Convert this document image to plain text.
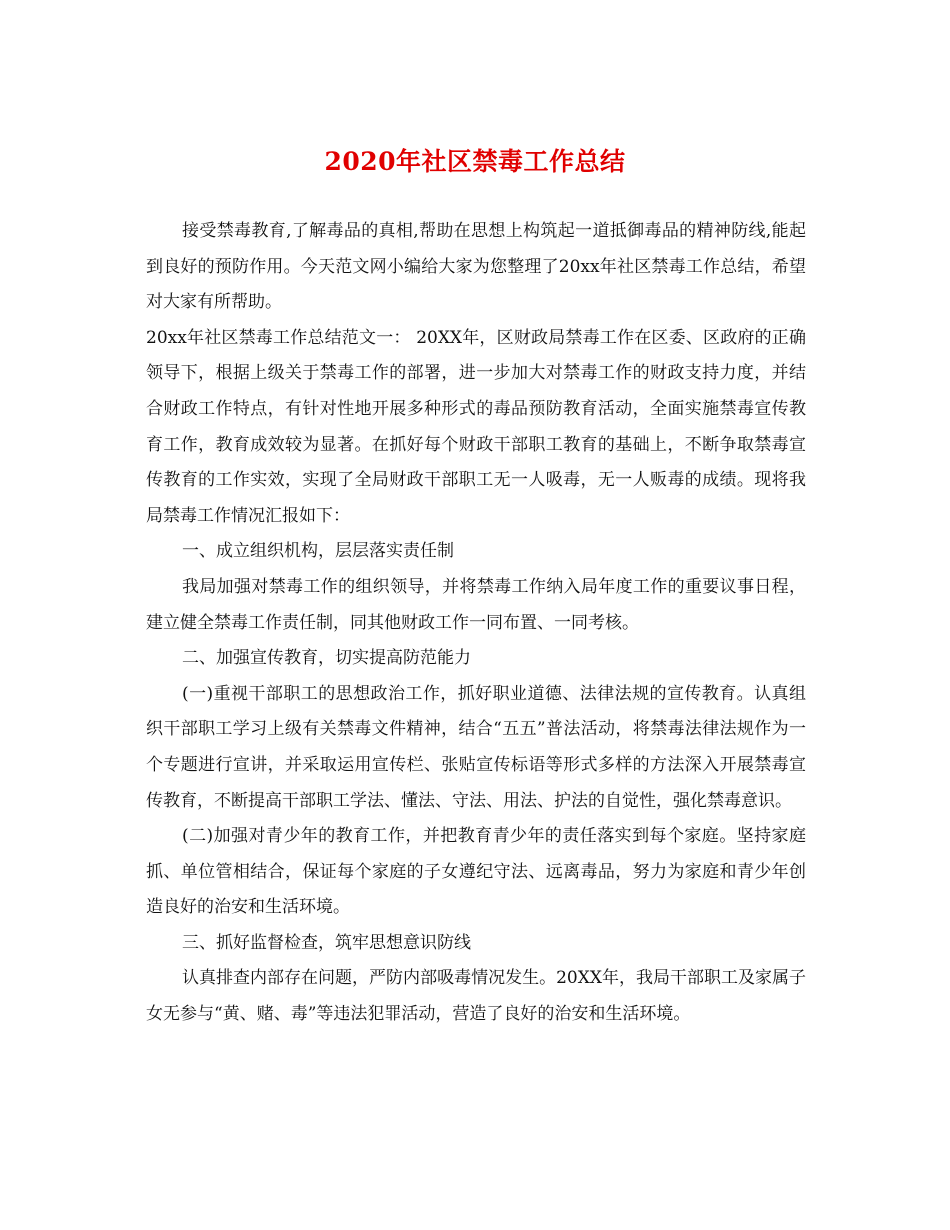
2020年社区禁毒工作总结

接受禁毒教育,了解毒品的真相,帮助在思想上构筑起一道抵御毒品的精神防线,能起到良好的预防作用。今天范文网小编给大家为您整理了20xx年社区禁毒工作总结，希望对大家有所帮助。

20xx年社区禁毒工作总结范文一： 20XX年，区财政局禁毒工作在区委、区政府的正确领导下，根据上级关于禁毒工作的部署，进一步加大对禁毒工作的财政支持力度，并结合财政工作特点，有针对性地开展多种形式的毒品预防教育活动，全面实施禁毒宣传教育工作，教育成效较为显著。在抓好每个财政干部职工教育的基础上，不断争取禁毒宣传教育的工作实效，实现了全局财政干部职工无一人吸毒，无一人贩毒的成绩。现将我局禁毒工作情况汇报如下：

一、成立组织机构，层层落实责任制

我局加强对禁毒工作的组织领导，并将禁毒工作纳入局年度工作的重要议事日程，建立健全禁毒工作责任制，同其他财政工作一同布置、一同考核。

二、加强宣传教育，切实提高防范能力

(一)重视干部职工的思想政治工作，抓好职业道德、法律法规的宣传教育。认真组织干部职工学习上级有关禁毒文件精神，结合“五五”普法活动，将禁毒法律法规作为一个专题进行宣讲，并采取运用宣传栏、张贴宣传标语等形式多样的方法深入开展禁毒宣传教育，不断提高干部职工学法、懂法、守法、用法、护法的自觉性，强化禁毒意识。

(二)加强对青少年的教育工作，并把教育青少年的责任落实到每个家庭。坚持家庭抓、单位管相结合，保证每个家庭的子女遵纪守法、远离毒品，努力为家庭和青少年创造良好的治安和生活环境。

三、抓好监督检查，筑牢思想意识防线

认真排查内部存在问题，严防内部吸毒情况发生。20XX年，我局干部职工及家属子女无参与“黄、赌、毒”等违法犯罪活动，营造了良好的治安和生活环境。
